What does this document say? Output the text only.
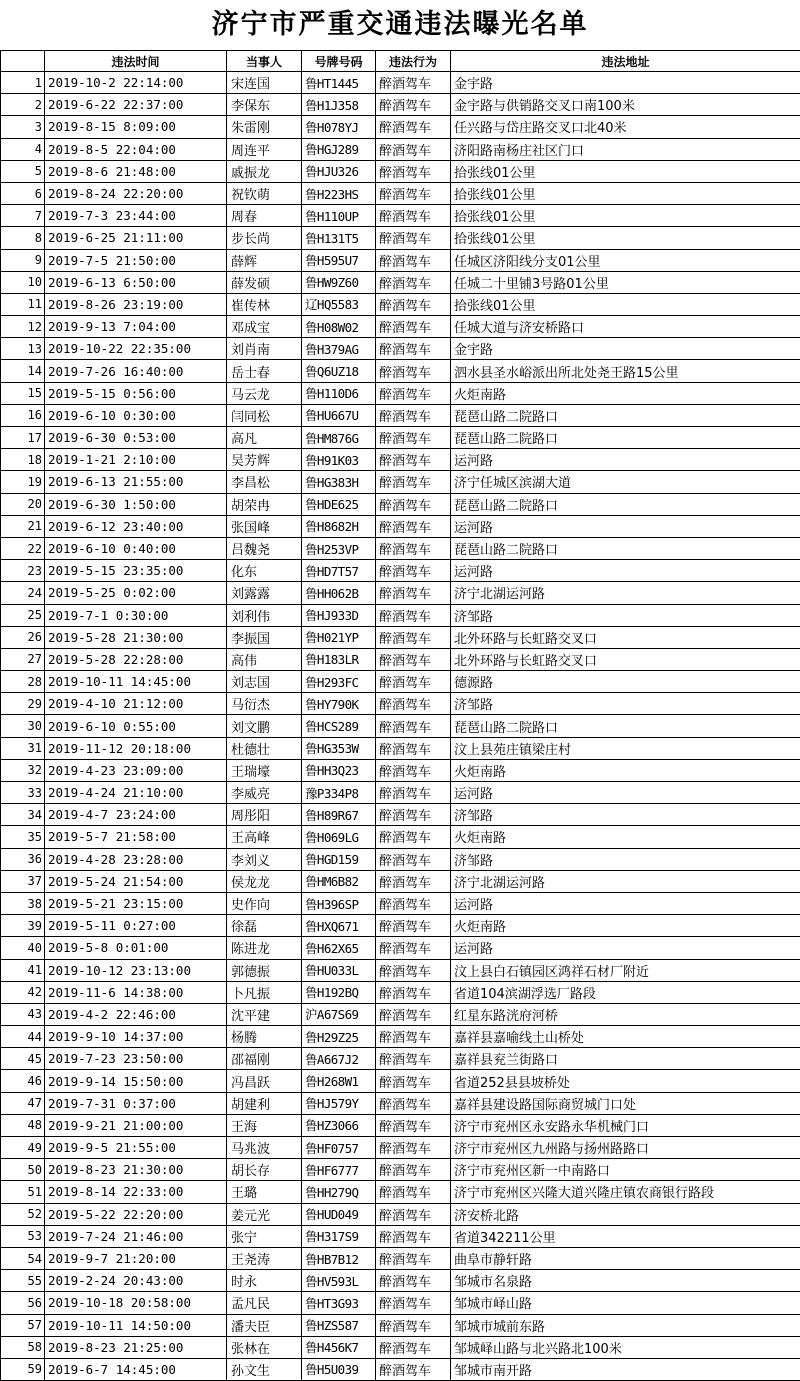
济宁市严重交通违法曝光名单
	违法时间	当事人	号牌号码	违法行为	违法地址
1	2019-10-2 22:14:00	宋连国	鲁HT1445	醉酒驾车	金宇路
2	2019-6-22 22:37:00	李保东	鲁H1J358	醉酒驾车	金宇路与供销路交叉口南100米
3	2019-8-15 8:09:00	朱雷刚	鲁H078YJ	醉酒驾车	任兴路与岱庄路交叉口北40米
4	2019-8-5 22:04:00	周连平	鲁HGJ289	醉酒驾车	济阳路南杨庄社区门口
5	2019-8-6 21:48:00	戚振龙	鲁HJU326	醉酒驾车	拾张线01公里
6	2019-8-24 22:20:00	祝钦萌	鲁H223HS	醉酒驾车	拾张线01公里
7	2019-7-3 23:44:00	周春	鲁H110UP	醉酒驾车	拾张线01公里
8	2019-6-25 21:11:00	步长尚	鲁H131T5	醉酒驾车	拾张线01公里
9	2019-7-5 21:50:00	薛辉	鲁H595U7	醉酒驾车	任城区济阳线分支01公里
10	2019-6-13 6:50:00	薛发硕	鲁HW9Z60	醉酒驾车	任城二十里铺3号路01公里
11	2019-8-26 23:19:00	崔传林	辽HQ5583	醉酒驾车	拾张线01公里
12	2019-9-13 7:04:00	邓成宝	鲁H08W02	醉酒驾车	任城大道与济安桥路口
13	2019-10-22 22:35:00	刘肖南	鲁H379AG	醉酒驾车	金宇路
14	2019-7-26 16:40:00	岳士春	鲁Q6UZ18	醉酒驾车	泗水县圣水峪派出所北处尧王路15公里
15	2019-5-15 0:56:00	马云龙	鲁H110D6	醉酒驾车	火炬南路
16	2019-6-10 0:30:00	闫同松	鲁HU667U	醉酒驾车	琵琶山路二院路口
17	2019-6-30 0:53:00	高凡	鲁HM876G	醉酒驾车	琵琶山路二院路口
18	2019-1-21 2:10:00	吴芳辉	鲁H91K03	醉酒驾车	运河路
19	2019-6-13 21:55:00	李昌松	鲁HG383H	醉酒驾车	济宁任城区滨湖大道
20	2019-6-30 1:50:00	胡荣冉	鲁HDE625	醉酒驾车	琵琶山路二院路口
21	2019-6-12 23:40:00	张国峰	鲁H8682H	醉酒驾车	运河路
22	2019-6-10 0:40:00	吕魏尧	鲁H253VP	醉酒驾车	琵琶山路二院路口
23	2019-5-15 23:35:00	化东	鲁HD7T57	醉酒驾车	运河路
24	2019-5-25 0:02:00	刘露露	鲁HH062B	醉酒驾车	济宁北湖运河路
25	2019-7-1 0:30:00	刘利伟	鲁HJ933D	醉酒驾车	济邹路
26	2019-5-28 21:30:00	李振国	鲁H021YP	醉酒驾车	北外环路与长虹路交叉口
27	2019-5-28 22:28:00	高伟	鲁H183LR	醉酒驾车	北外环路与长虹路交叉口
28	2019-10-11 14:45:00	刘志国	鲁H293FC	醉酒驾车	德源路
29	2019-4-10 21:12:00	马衍杰	鲁HY790K	醉酒驾车	济邹路
30	2019-6-10 0:55:00	刘文鹏	鲁HCS289	醉酒驾车	琵琶山路二院路口
31	2019-11-12 20:18:00	杜德壮	鲁HG353W	醉酒驾车	汶上县苑庄镇梁庄村
32	2019-4-23 23:09:00	王瑞壕	鲁HH3Q23	醉酒驾车	火炬南路
33	2019-4-24 21:10:00	李威亮	豫P334P8	醉酒驾车	运河路
34	2019-4-7 23:24:00	周彤阳	鲁H89R67	醉酒驾车	济邹路
35	2019-5-7 21:58:00	王高峰	鲁H069LG	醉酒驾车	火炬南路
36	2019-4-28 23:28:00	李刘义	鲁HGD159	醉酒驾车	济邹路
37	2019-5-24 21:54:00	侯龙龙	鲁HM6B82	醉酒驾车	济宁北湖运河路
38	2019-5-21 23:15:00	史作向	鲁H396SP	醉酒驾车	运河路
39	2019-5-11 0:27:00	徐磊	鲁HXQ671	醉酒驾车	火炬南路
40	2019-5-8 0:01:00	陈进龙	鲁H62X65	醉酒驾车	运河路
41	2019-10-12 23:13:00	郭德振	鲁HU033L	醉酒驾车	汶上县白石镇园区鸿祥石材厂附近
42	2019-11-6 14:38:00	卜凡振	鲁H192BQ	醉酒驾车	省道104滨湖浮选厂路段
43	2019-4-2 22:46:00	沈平建	沪A67S69	醉酒驾车	红星东路洸府河桥
44	2019-9-10 14:37:00	杨腾	鲁H29Z25	醉酒驾车	嘉祥县嘉喻线土山桥处
45	2019-7-23 23:50:00	邵福刚	鲁A667J2	醉酒驾车	嘉祥县兖兰街路口
46	2019-9-14 15:50:00	冯昌跃	鲁H268W1	醉酒驾车	省道252县县坡桥处
47	2019-7-31 0:37:00	胡建利	鲁HJ579Y	醉酒驾车	嘉祥县建设路国际商贸城门口处
48	2019-9-21 21:00:00	王海	鲁HZ3066	醉酒驾车	济宁市兖州区永安路永华机械门口
49	2019-9-5 21:55:00	马兆波	鲁HF0757	醉酒驾车	济宁市兖州区九州路与扬州路路口
50	2019-8-23 21:30:00	胡长存	鲁HF6777	醉酒驾车	济宁市兖州区新一中南路口
51	2019-8-14 22:33:00	王璐	鲁HH279Q	醉酒驾车	济宁市兖州区兴隆大道兴隆庄镇农商银行路段
52	2019-5-22 22:20:00	姜元光	鲁HUD049	醉酒驾车	济安桥北路
53	2019-7-24 21:46:00	张宁	鲁H317S9	醉酒驾车	省道342211公里
54	2019-9-7 21:20:00	王尧涛	鲁HB7B12	醉酒驾车	曲阜市静轩路
55	2019-2-24 20:43:00	时永	鲁HV593L	醉酒驾车	邹城市名泉路
56	2019-10-18 20:58:00	孟凡民	鲁HT3G93	醉酒驾车	邹城市峄山路
57	2019-10-11 14:50:00	潘夫臣	鲁HZS587	醉酒驾车	邹城市城前东路
58	2019-8-23 21:25:00	张林在	鲁H456K7	醉酒驾车	邹城峄山路与北兴路北100米
59	2019-6-7 14:45:00	孙文生	鲁H5U039	醉酒驾车	邹城市南开路
